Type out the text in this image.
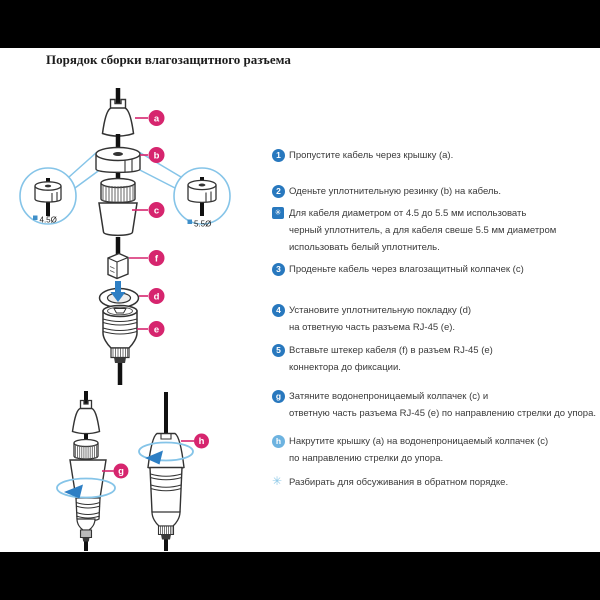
Порядок сборки влагозащитного разъема
4.5Ø	5.5Ø
a
b
c
f
d
e
g
h
1 Пропустите кабель через крышку (a).
2 Оденьте уплотнительную резинку (b) на кабель.
✳ Для кабеля диаметром от 4.5 до 5.5 мм использовать
черный уплотнитель, а для кабеля свеше 5.5 мм диаметром
использовать белый уплотнитель.
3 Проденьте кабель через влагозащитный колпачек (c)
4 Установите уплотнительную покладку (d)
на ответную часть разъема RJ-45 (e).
5 Вставьте штекер кабеля (f) в разъем RJ-45 (e)
коннектора до фиксации.
g Затяните водонепроницаемый колпачек (c) и
ответную часть разъема RJ-45 (e) по направлению стрелки до упора.
h Накрутите крышку (a) на водонепроницаемый колпачек (c)
по направлению стрелки до упора.
✳ Разбирать для обсуживания в обратном порядке.
